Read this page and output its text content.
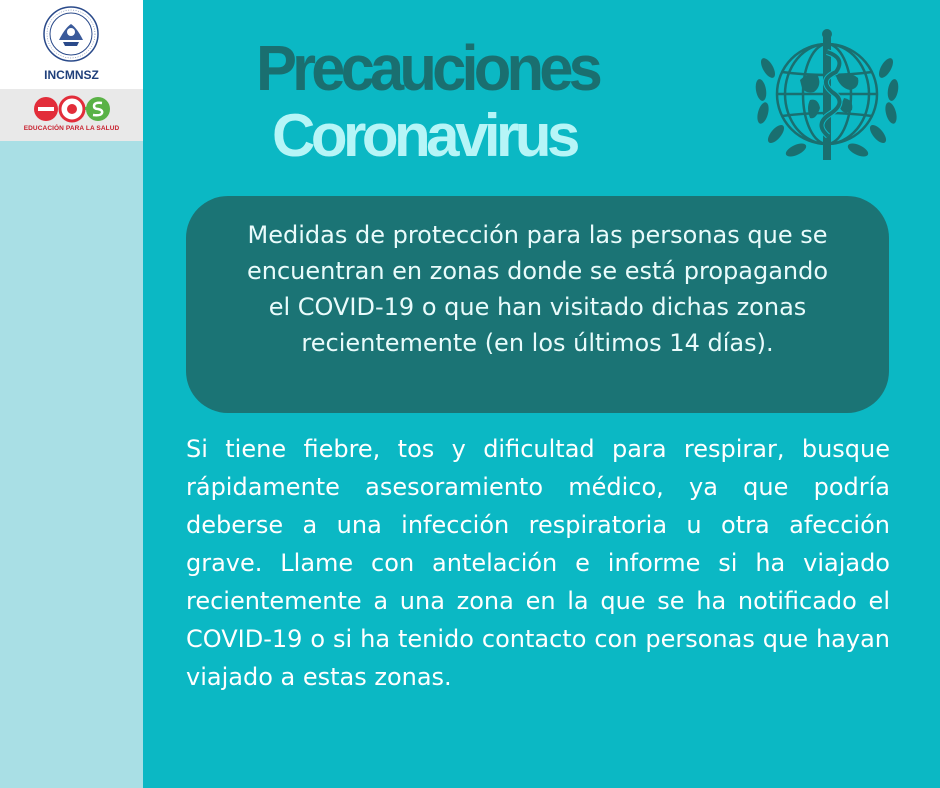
INCMNSZ
EDUCACIÓN PARA LA SALUD
Precauciones
Coronavirus

Medidas de protección para las personas que se encuentran en zonas donde se está propagando el COVID-19 o que han visitado dichas zonas recientemente (en los últimos 14 días).

Si tiene fiebre, tos y dificultad para respirar, busque rápidamente asesoramiento médico, ya que podría deberse a una infección respiratoria u otra afección grave. Llame con antelación e informe si ha viajado recientemente a una zona en la que se ha notificado el COVID-19 o si ha tenido contacto con personas que hayan viajado a estas zonas.
